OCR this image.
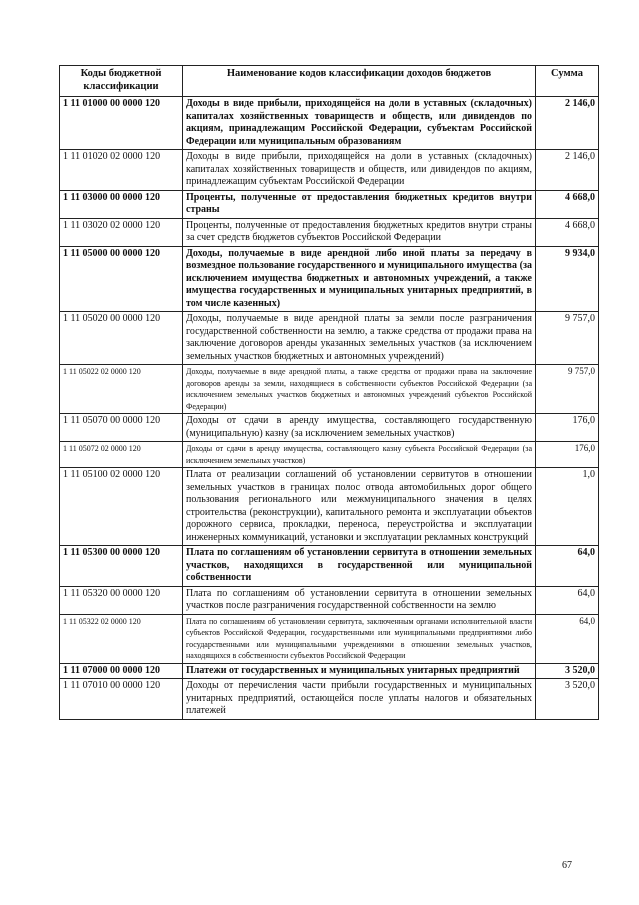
Коды бюджетной классификации	Наименование кодов классификации доходов бюджетов	Сумма
1 11 01000 00 0000 120	Доходы в виде прибыли, приходящейся на доли в уставных (складочных) капиталах хозяйственных товариществ и обществ, или дивидендов по акциям, принадлежащим Российской Федерации, субъектам Российской Федерации или муниципальным образованиям	2 146,0
1 11 01020 02 0000 120	Доходы в виде прибыли, приходящейся на доли в уставных (складочных) капиталах хозяйственных товариществ и обществ, или дивидендов по акциям, принадлежащим субъектам Российской Федерации	2 146,0
1 11 03000 00 0000 120	Проценты, полученные от предоставления бюджетных кредитов внутри страны	4 668,0
1 11 03020 02 0000 120	Проценты, полученные от предоставления бюджетных кредитов внутри страны за счет средств бюджетов субъектов Российской Федерации	4 668,0
1 11 05000 00 0000 120	Доходы, получаемые в виде арендной либо иной платы за передачу в возмездное пользование государственного и муниципального имущества (за исключением имущества бюджетных и автономных учреждений, а также имущества государственных и муниципальных унитарных предприятий, в том числе казенных)	9 934,0
1 11 05020 00 0000 120	Доходы, получаемые в виде арендной платы за земли после разграничения государственной собственности на землю, а также средства от продажи права на заключение договоров аренды указанных земельных участков (за исключением земельных участков бюджетных и автономных учреждений)	9 757,0
1 11 05022 02 0000 120	Доходы, получаемые в виде арендной платы, а также средства от продажи права на заключение договоров аренды за земли, находящиеся в собственности субъектов Российской Федерации (за исключением земельных участков бюджетных и автономных учреждений субъектов Российской Федерации)	9 757,0
1 11 05070 00 0000 120	Доходы от сдачи в аренду имущества, составляющего государственную (муниципальную) казну (за исключением земельных участков)	176,0
1 11 05072 02 0000 120	Доходы от сдачи в аренду имущества, составляющего казну субъекта Российской Федерации (за исключением земельных участков)	176,0
1 11 05100 02 0000 120	Плата от реализации соглашений об установлении сервитутов в отношении земельных участков в границах полос отвода автомобильных дорог общего пользования регионального или межмуниципального значения в целях строительства (реконструкции), капитального ремонта и эксплуатации объектов дорожного сервиса, прокладки, переноса, переустройства и эксплуатации инженерных коммуникаций, установки и эксплуатации рекламных конструкций	1,0
1 11 05300 00 0000 120	Плата по соглашениям об установлении сервитута в отношении земельных участков, находящихся в государственной или муниципальной собственности	64,0
1 11 05320 00 0000 120	Плата по соглашениям об установлении сервитута в отношении земельных участков после разграничения государственной собственности на землю	64,0
1 11 05322 02 0000 120	Плата по соглашениям об установлении сервитута, заключенным органами исполнительной власти субъектов Российской Федерации, государственными или муниципальными предприятиями либо государственными или муниципальными учреждениями в отношении земельных участков, находящихся в собственности субъектов Российской Федерации	64,0
1 11 07000 00 0000 120	Платежи от государственных и муниципальных унитарных предприятий	3 520,0
1 11 07010 00 0000 120	Доходы от перечисления части прибыли государственных и муниципальных унитарных предприятий, остающейся после уплаты налогов и обязательных платежей	3 520,0
67
